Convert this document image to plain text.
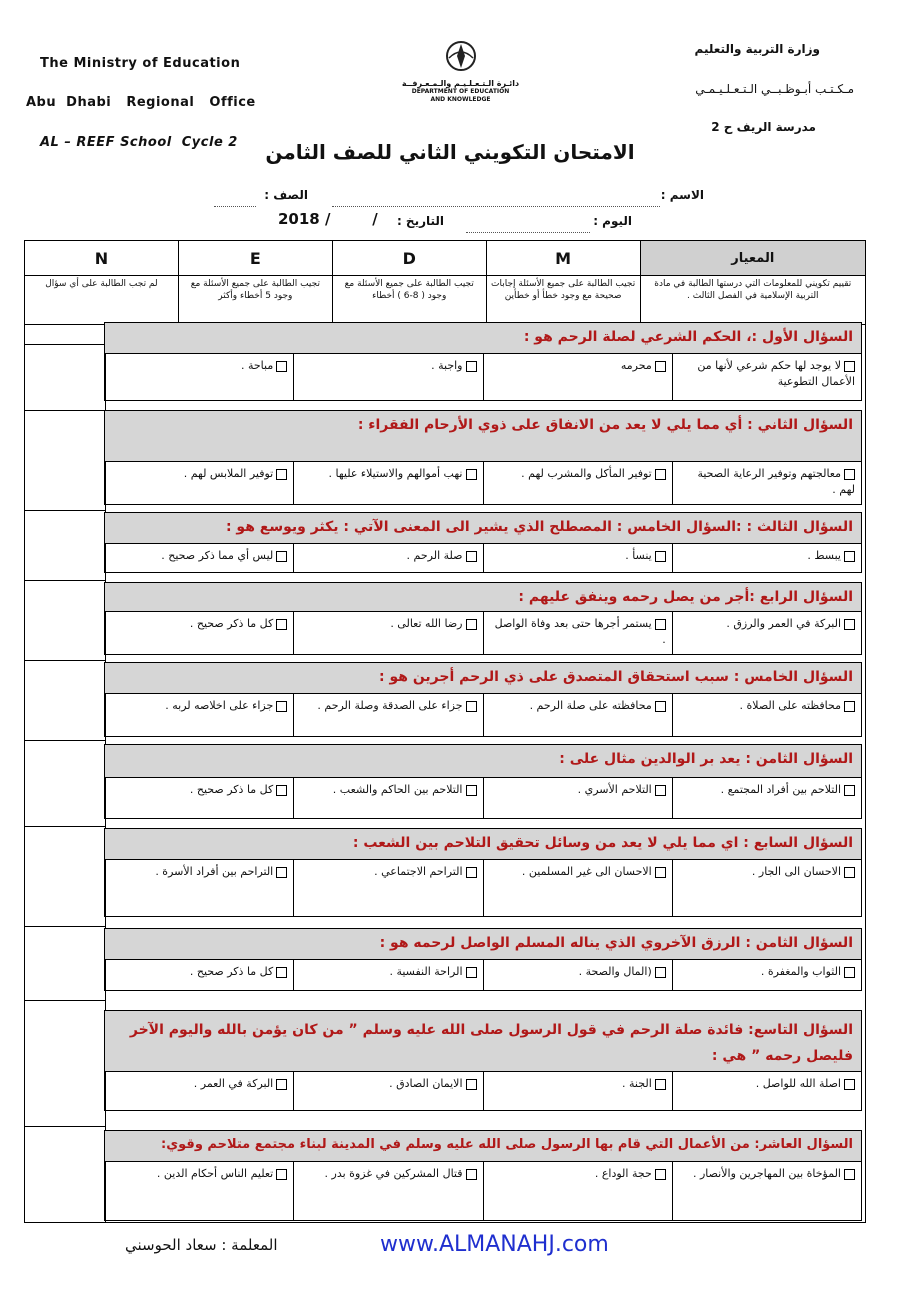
The Ministry of Education
Abu  Dhabi   Regional   Office
AL – REEF School  Cycle 2
دائـرة الـتـعـلـيـم والـمـعـرفــة
DEPARTMENT OF EDUCATION
AND KNOWLEDGE
وزارة التربية والتعليم
مـكـتـب أبـوظـبــي الـتـعـلـيـمـي
مدرسة الريف ح 2
الامتحان التكويني الثاني للصف الثامن
الاسم :
الصف :
اليوم :
التاريخ :
2018 /        /
N	E	D	M	المعيار
لم تجب الطالبة على أي سؤال	تجيب الطالبة على جميع الأسئلة مع وجود 5 أخطاء وأكثر	تجيب الطالبة على جميع الأسئلة مع وجود ( 8-6 ) أخطاء	تجيب الطالبة على جميع الأسئلة إجابات صحيحة مع وجود خطأ أو خطأين	تقييم تكويني للمعلومات التي درستها الطالبة في مادة التربية الإسلامية في الفصل الثالث .
السؤال الأول :، الحكم الشرعي لصلة الرحم هو :
لا يوجد لها حكم شرعي لأنها من الأعمال التطوعية
محرمه
واجبة .
مباحة .
السؤال الثاني : أي مما يلي لا يعد من الانفاق على ذوي الأرحام الفقراء :
معالجتهم وتوفير الرعاية الصحية لهم .
توفير المأكل والمشرب لهم .
نهب أموالهم والاستيلاء عليها .
توفير الملابس لهم .
السؤال الثالث : :السؤال الخامس : المصطلح الذي يشير الى المعنى الآتي : يكثر ويوسع هو :
يبسط .
ينسأ .
صلة الرحم .
ليس أي مما ذكر صحيح .
السؤال الرابع :أجر من يصل رحمه وينفق عليهم :
البركة في العمر والرزق .
يستمر أجرها حتى بعد وفاة الواصل .
رضا الله تعالى .
كل ما ذكر صحيح .
السؤال الخامس : سبب استحقاق المتصدق على ذي الرحم أجرين هو :
محافظته على الصلاة .
محافظته على صلة الرحم .
جزاء على الصدقة وصلة الرحم .
جزاء على اخلاصه لربه .
السؤال الثامن : يعد بر الوالدين مثال على :
التلاحم بين أفراد المجتمع .
التلاحم الأسري .
التلاحم بين الحاكم والشعب .
كل ما ذكر صحيح .
السؤال السابع : اي مما يلي لا يعد من وسائل تحقيق التلاحم بين الشعب :
الاحسان الى الجار .
الاحسان الى غير المسلمين .
التراحم الاجتماعي .
التراحم بين أفراد الأسرة .
السؤال الثامن : الرزق الآخروي الذي يناله المسلم الواصل لرحمه هو :
الثواب والمغفرة .
(المال والصحة .
الراحة النفسية .
كل ما ذكر صحيح .
السؤال التاسع: فائدة صلة الرحم في قول الرسول صلى الله عليه وسلم ” من كان يؤمن بالله واليوم الآخر فليصل رحمه ” هي :
اصلة الله للواصل .
الجنة .
الايمان الصادق .
البركة في العمر .
السؤال العاشر: من الأعمال التي قام بها الرسول صلى الله عليه وسلم في المدينة لبناء مجتمع متلاحم وقوي:
المؤخاة بين المهاجرين والأنصار .
حجة الوداع .
قتال المشركين في غزوة بدر .
تعليم الناس أحكام الدين .
المعلمة : سعاد الحوسني	www.ALMANAHJ.com
